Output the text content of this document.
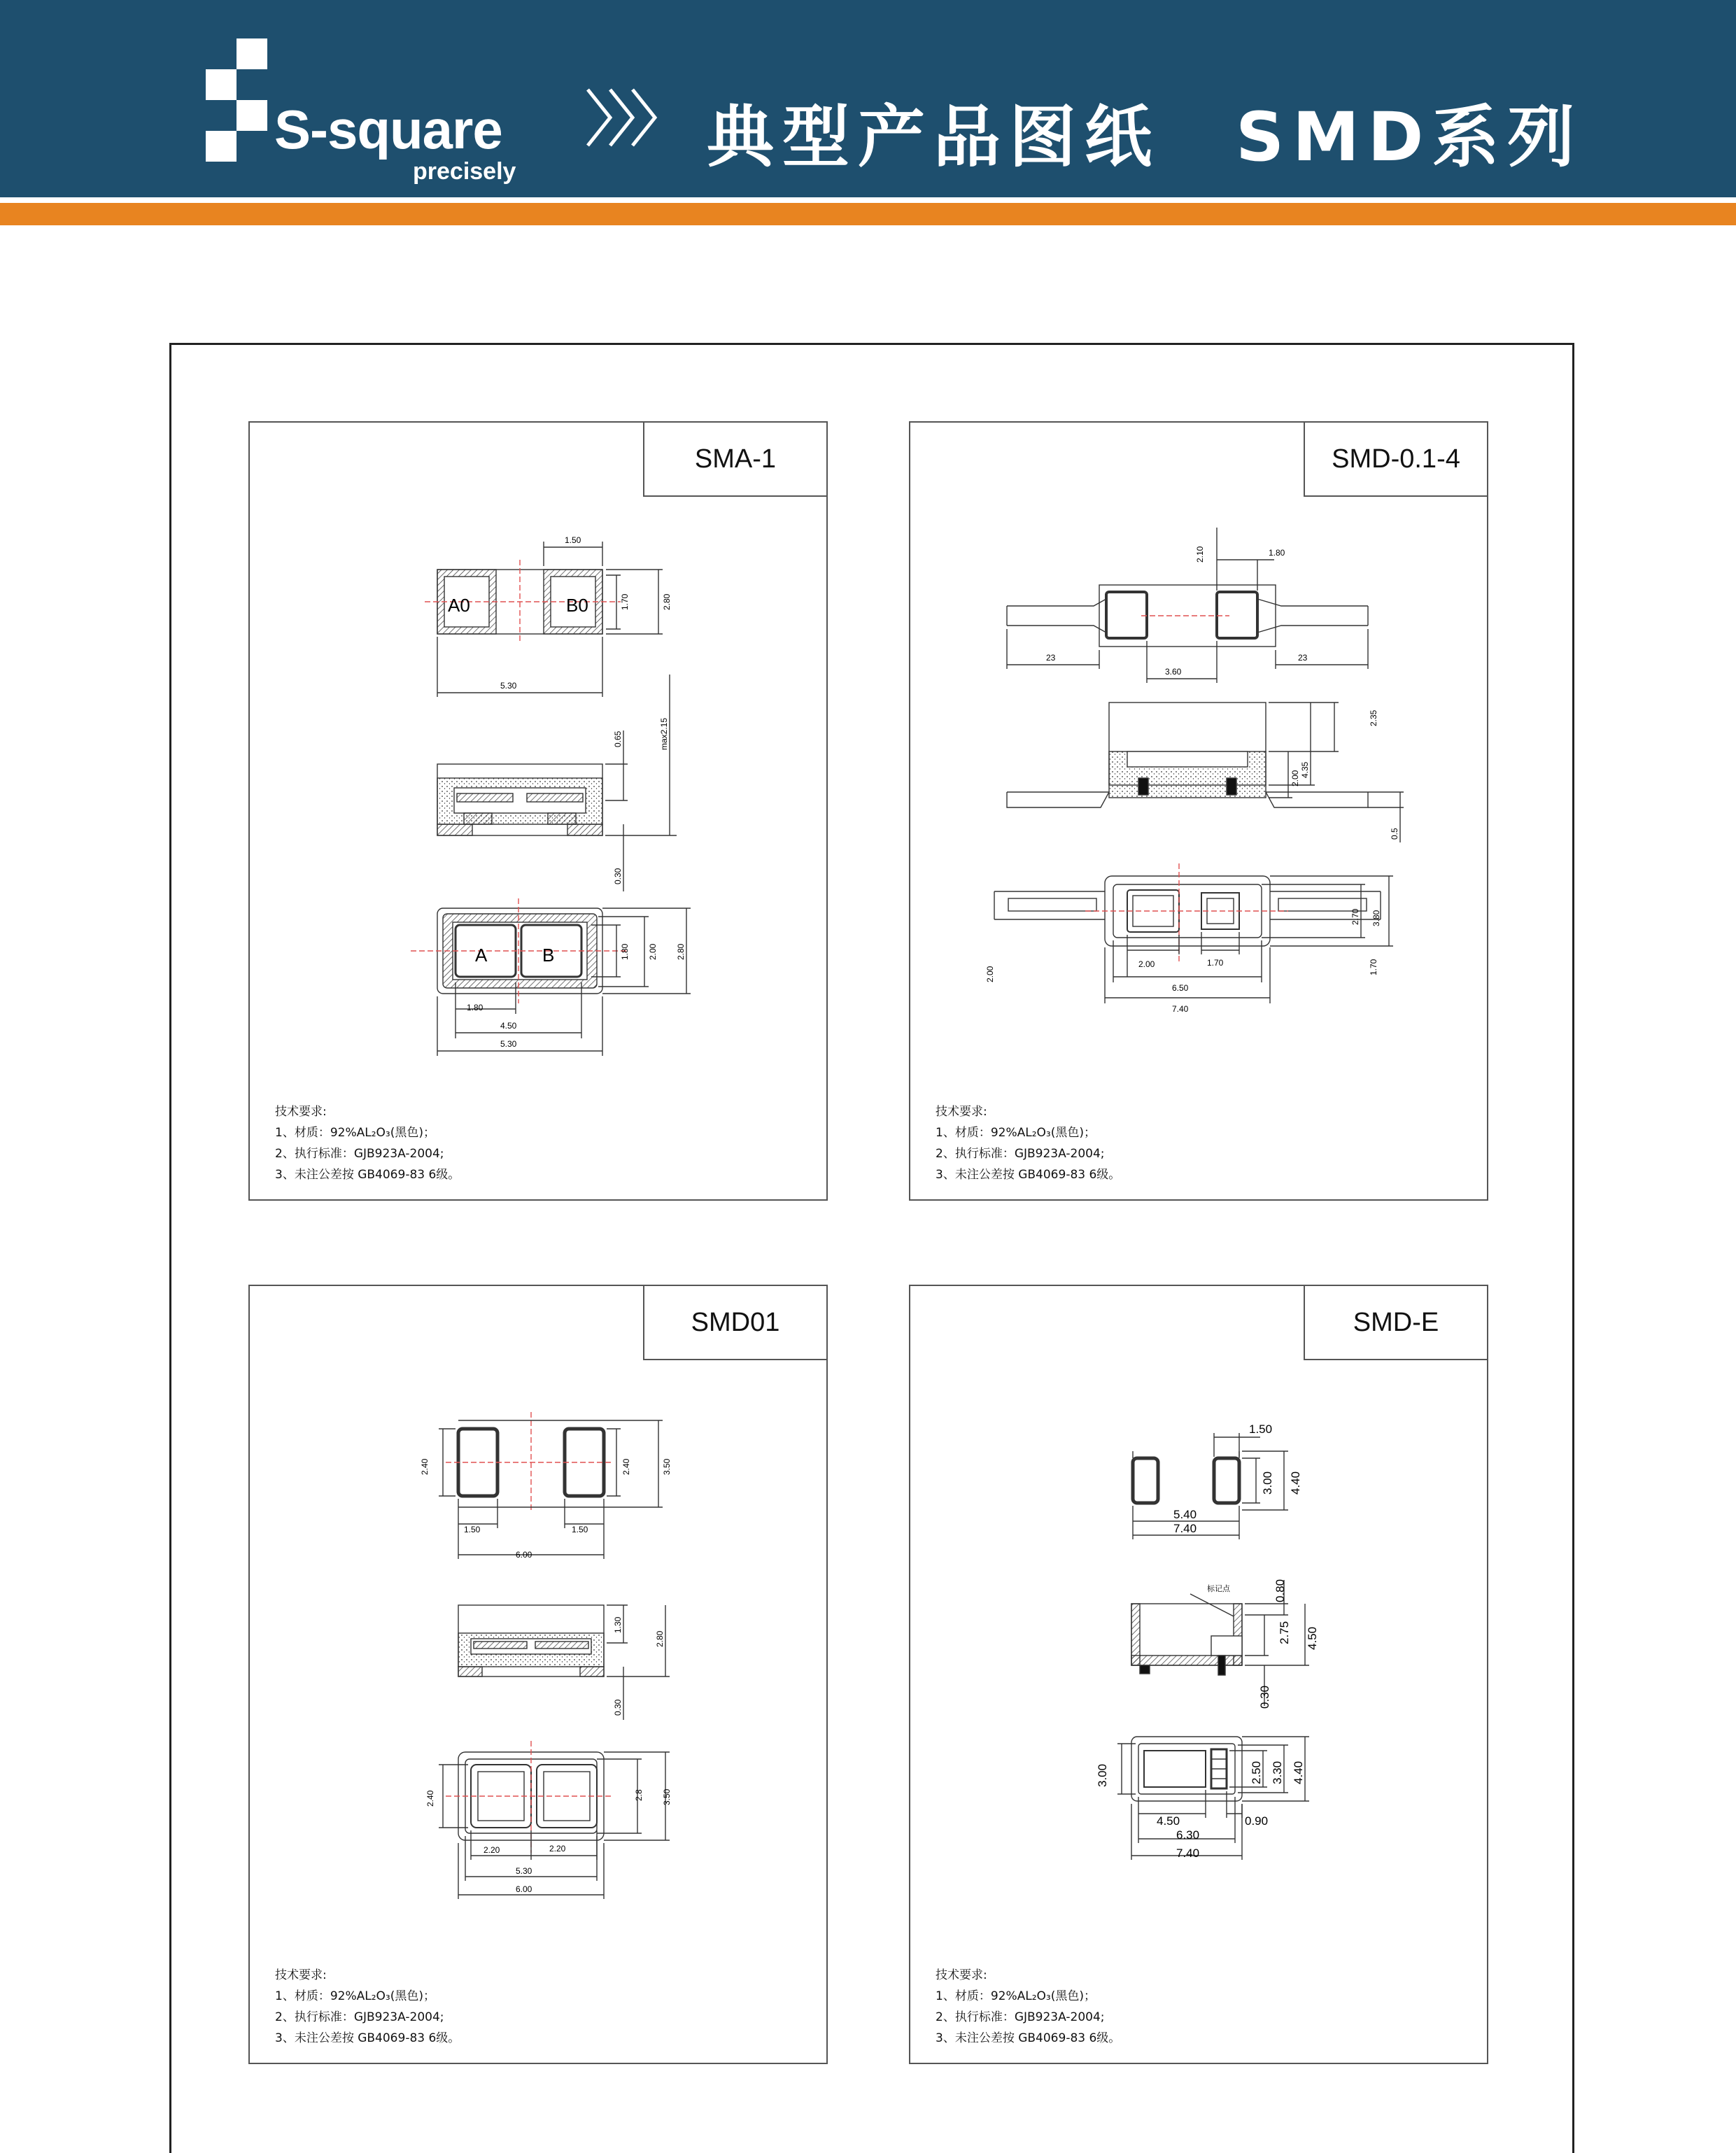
S-square
precisely	典型产品图纸　SMD系列
SMA-1
A0	B0
1.50
1.70	2.80
5.30
0.65	max2.15
0.30
A	B	1.80 2.00 2.80
1.80
4.50
5.30
技术要求:
1、材质：92%AL₂O₃(黑色)；
2、执行标准：GJB923A-2004;
3、未注公差按 GB4069-83 6级。
SMD-0.1-4
2.10	1.80
23
3.60
23
2.35
4.35
2.00
0.5
3.80
2.70
1.70
2.00
2.00	1.70
6.50
7.40
技术要求:
1、材质：92%AL₂O₃(黑色)；
2、执行标准：GJB923A-2004;
3、未注公差按 GB4069-83 6级。
SMD01
2.40	2.40	3.50
1.50	1.50
6.00
1.30
2.80
0.30
2.40	2.8 3.50
2.20	2.20
5.30
6.00
技术要求:
1、材质：92%AL₂O₃(黑色)；
2、执行标准：GJB923A-2004;
3、未注公差按 GB4069-83 6级。
SMD-E
1.50
3.00 4.40
5.40
7.40
标记点	0.80
2.75 4.50
0.30
3.00	2.50 3.30 4.40
4.50	0.90
6.30
7.40
技术要求:
1、材质：92%AL₂O₃(黑色)；
2、执行标准：GJB923A-2004;
3、未注公差按 GB4069-83 6级。
